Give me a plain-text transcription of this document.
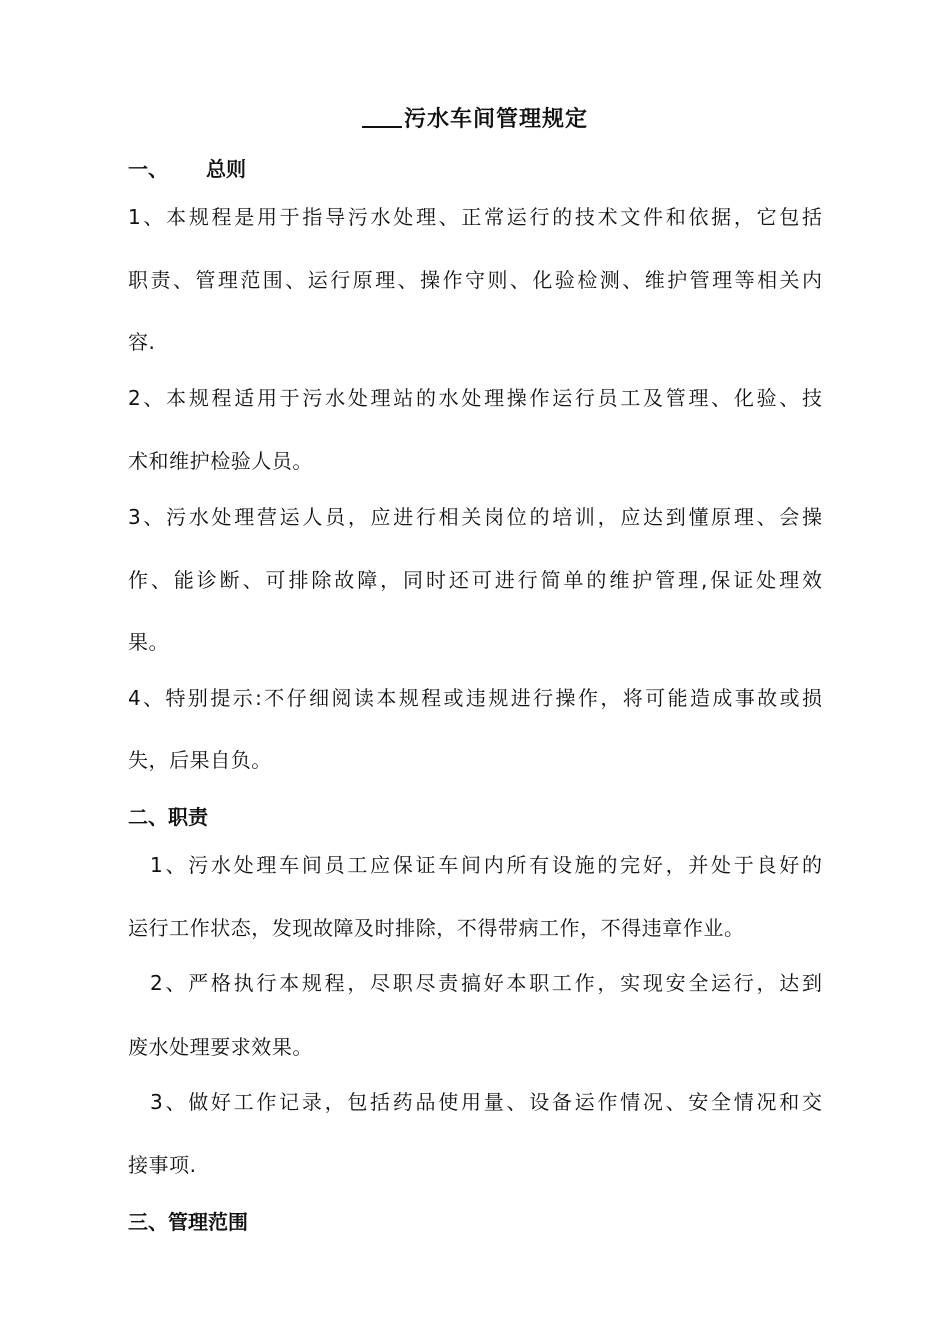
污水车间管理规定
一、 总则
1、本规程是用于指导污水处理、正常运行的技术文件和依据，它包括
职责、管理范围、运行原理、操作守则、化验检测、维护管理等相关内
容.
2、本规程适用于污水处理站的水处理操作运行员工及管理、化验、技
术和维护检验人员。
3、污水处理营运人员，应进行相关岗位的培训，应达到懂原理、会操
作、能诊断、可排除故障，同时还可进行简单的维护管理,保证处理效
果。
4、特别提示:不仔细阅读本规程或违规进行操作，将可能造成事故或损
失，后果自负。
二、职责
1、污水处理车间员工应保证车间内所有设施的完好，并处于良好的
运行工作状态，发现故障及时排除，不得带病工作，不得违章作业。
2、严格执行本规程，尽职尽责搞好本职工作，实现安全运行，达到
废水处理要求效果。
3、做好工作记录，包括药品使用量、设备运作情况、安全情况和交
接事项.
三、管理范围
